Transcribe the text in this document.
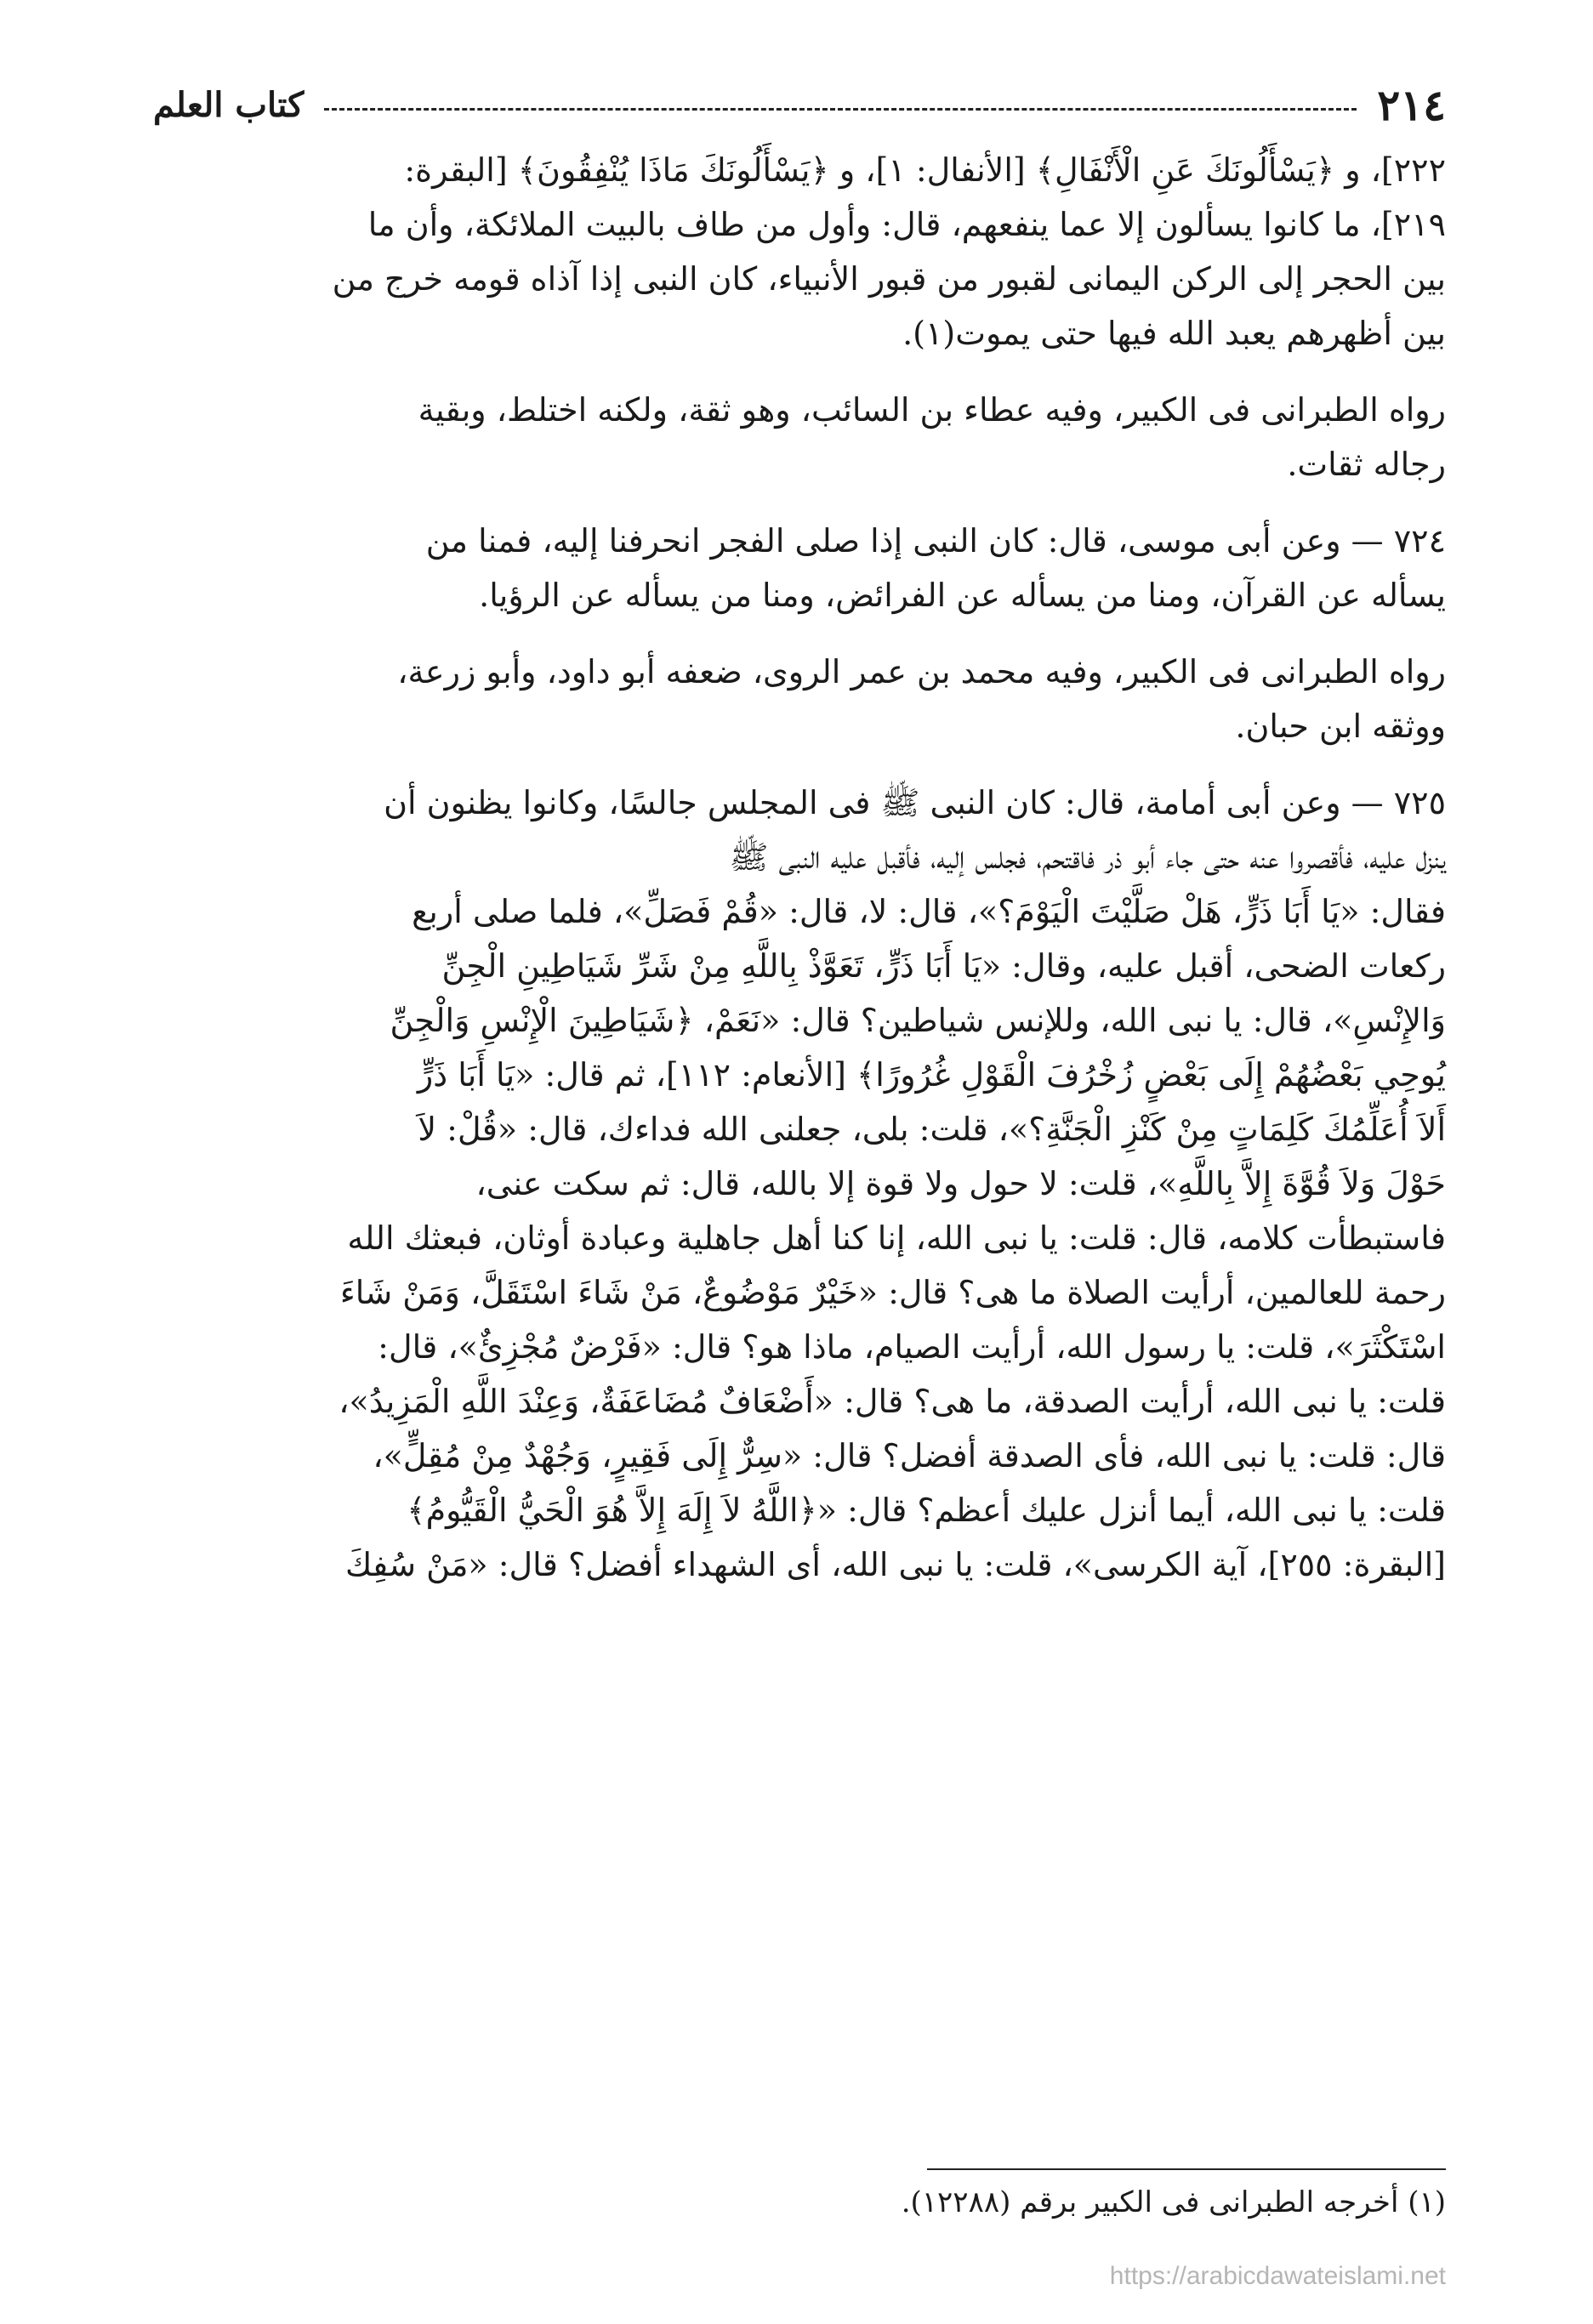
٢١٤
كتاب العلم

٢٢٢]، و ﴿يَسْأَلُونَكَ عَنِ الْأَنْفَالِ﴾ [الأنفال: ١]، و ﴿يَسْأَلُونَكَ مَاذَا يُنْفِقُونَ﴾ [البقرة:
٢١٩]، ما كانوا يسألون إلا عما ينفعهم، قال: وأول من طاف بالبيت الملائكة، وأن ما
بين الحجر إلى الركن اليمانى لقبور من قبور الأنبياء، كان النبى إذا آذاه قومه خرج من
بين أظهرهم يعبد الله فيها حتى يموت(١).

رواه الطبرانى فى الكبير، وفيه عطاء بن السائب، وهو ثقة، ولكنه اختلط، وبقية
رجاله ثقات.

٧٢٤ — وعن أبى موسى، قال: كان النبى إذا صلى الفجر انحرفنا إليه، فمنا من
يسأله عن القرآن، ومنا من يسأله عن الفرائض، ومنا من يسأله عن الرؤيا.

رواه الطبرانى فى الكبير، وفيه محمد بن عمر الروى، ضعفه أبو داود، وأبو زرعة،
ووثقه ابن حبان.

٧٢٥ — وعن أبى أمامة، قال: كان النبى ﷺ فى المجلس جالسًا، وكانوا يظنون أن
ينزل عليه، فأقصروا عنه حتى جاء أبو ذر فاقتحم، فجلس إليه، فأقبل عليه النبى ﷺ
فقال: «يَا أَبَا ذَرٍّ، هَلْ صَلَّيْتَ الْيَوْمَ؟»، قال: لا، قال: «قُمْ فَصَلِّ»، فلما صلى أربع
ركعات الضحى، أقبل عليه، وقال: «يَا أَبَا ذَرٍّ، تَعَوَّذْ بِاللَّهِ مِنْ شَرِّ شَيَاطِينِ الْجِنِّ
وَالإِنْسِ»، قال: يا نبى الله، وللإنس شياطين؟ قال: «نَعَمْ، ﴿شَيَاطِينَ الْإِنْسِ وَالْجِنِّ
يُوحِي بَعْضُهُمْ إِلَى بَعْضٍ زُخْرُفَ الْقَوْلِ غُرُورًا﴾ [الأنعام: ١١٢]، ثم قال: «يَا أَبَا ذَرٍّ
أَلاَ أُعَلِّمُكَ كَلِمَاتٍ مِنْ كَنْزِ الْجَنَّةِ؟»، قلت: بلى، جعلنى الله فداءك، قال: «قُلْ: لاَ
حَوْلَ وَلاَ قُوَّةَ إِلاَّ بِاللَّهِ»، قلت: لا حول ولا قوة إلا بالله، قال: ثم سكت عنى،
فاستبطأت كلامه، قال: قلت: يا نبى الله، إنا كنا أهل جاهلية وعبادة أوثان، فبعثك الله
رحمة للعالمين، أرأيت الصلاة ما هى؟ قال: «خَيْرٌ مَوْضُوعٌ، مَنْ شَاءَ اسْتَقَلَّ، وَمَنْ شَاءَ
اسْتَكْثَرَ»، قلت: يا رسول الله، أرأيت الصيام، ماذا هو؟ قال: «فَرْضٌ مُجْزِئٌ»، قال:
قلت: يا نبى الله، أرأيت الصدقة، ما هى؟ قال: «أَضْعَافٌ مُضَاعَفَةٌ، وَعِنْدَ اللَّهِ الْمَزِيدُ»،
قال: قلت: يا نبى الله، فأى الصدقة أفضل؟ قال: «سِرٌّ إِلَى فَقِيرٍ، وَجُهْدٌ مِنْ مُقِلٍّ»،
قلت: يا نبى الله، أيما أنزل عليك أعظم؟ قال: «﴿اللَّهُ لاَ إِلَهَ إِلاَّ هُوَ الْحَيُّ الْقَيُّومُ﴾
[البقرة: ٢٥٥]، آية الكرسى»، قلت: يا نبى الله، أى الشهداء أفضل؟ قال: «مَنْ سُفِكَ

(١) أخرجه الطبرانى فى الكبير برقم (١٢٢٨٨).
https://arabicdawateislami.net
